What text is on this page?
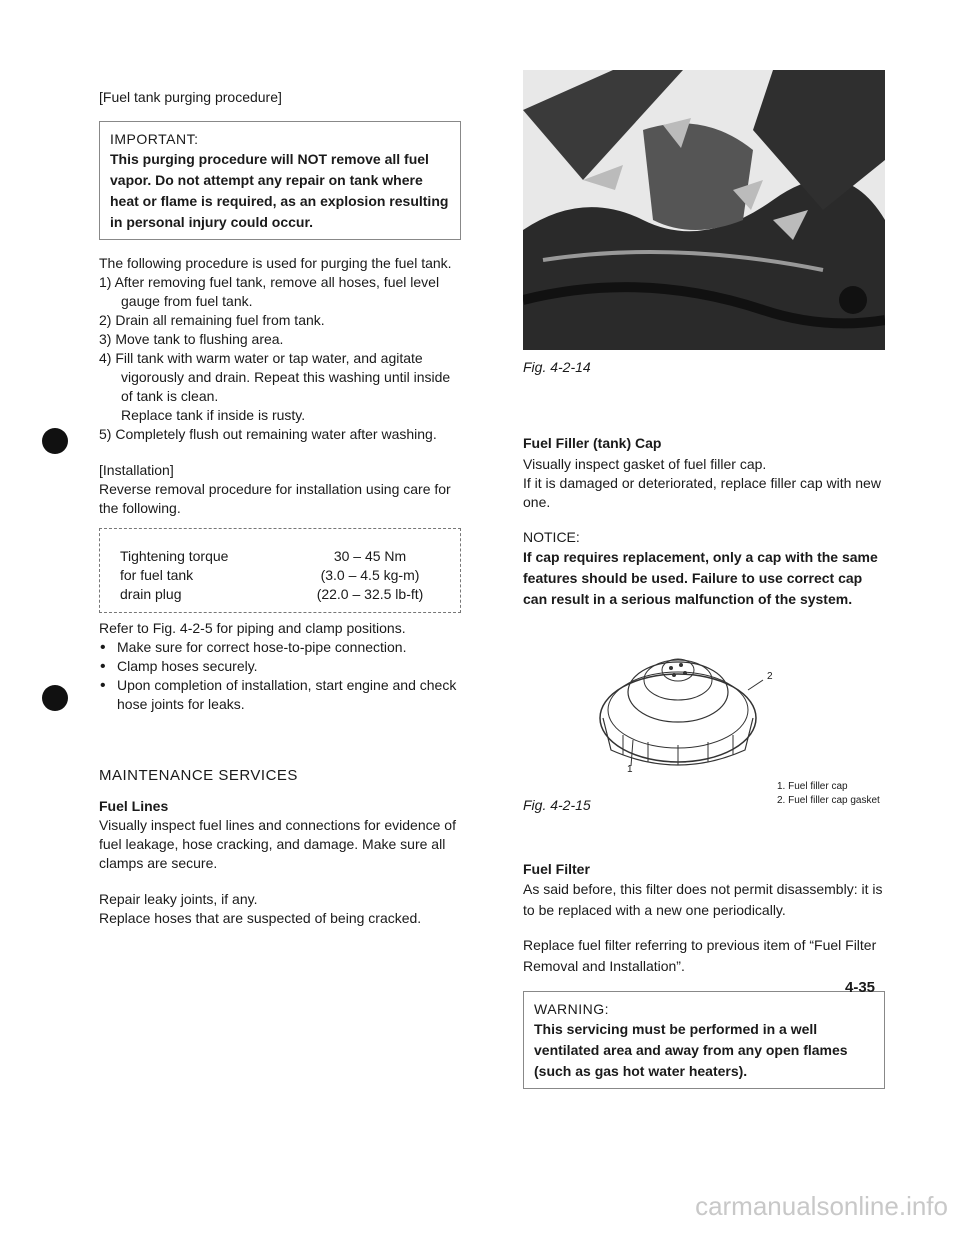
[Fuel tank purging procedure]

IMPORTANT:

This purging procedure will NOT remove all fuel vapor. Do not attempt any repair on tank where heat or flame is required, as an explosion resulting in personal injury could occur.

The following procedure is used for purging the fuel tank.

1) After removing fuel tank, remove all hoses, fuel level gauge from fuel tank.
2) Drain all remaining fuel from tank.
3) Move tank to flushing area.
4) Fill tank with warm water or tap water, and agitate vigorously and drain. Repeat this washing until inside of tank is clean.
Replace tank if inside is rusty.
5) Completely flush out remaining water after washing.

[Installation]

Reverse removal procedure for installation using care for the following.

Tightening torque
for fuel tank
drain plug
30 – 45 Nm
(3.0 – 4.5 kg-m)
(22.0 – 32.5 lb-ft)

Refer to Fig. 4-2-5 for piping and clamp positions.

• Make sure for correct hose-to-pipe connection.
• Clamp hoses securely.
• Upon completion of installation, start engine and check hose joints for leaks.

MAINTENANCE SERVICES

Fuel Lines

Visually inspect fuel lines and connections for evidence of fuel leakage, hose cracking, and damage. Make sure all clamps are secure.

Repair leaky joints, if any.

Replace hoses that are suspected of being cracked.

Fig. 4-2-14

Fuel Filler (tank) Cap

Visually inspect gasket of fuel filler cap.

If it is damaged or deteriorated, replace filler cap with new one.

NOTICE:

If cap requires replacement, only a cap with the same features should be used. Failure to use correct cap can result in a serious malfunction of the system.

1
2

Fig. 4-2-15

1. Fuel filler cap
2. Fuel filler cap gasket

Fuel Filter

As said before, this filter does not permit disassembly: it is to be replaced with a new one periodically.

Replace fuel filter referring to previous item of “Fuel Filter Removal and Installation”.

WARNING:

This servicing must be performed in a well ventilated area and away from any open flames (such as gas hot water heaters).

4-35
carmanualsonline.info
